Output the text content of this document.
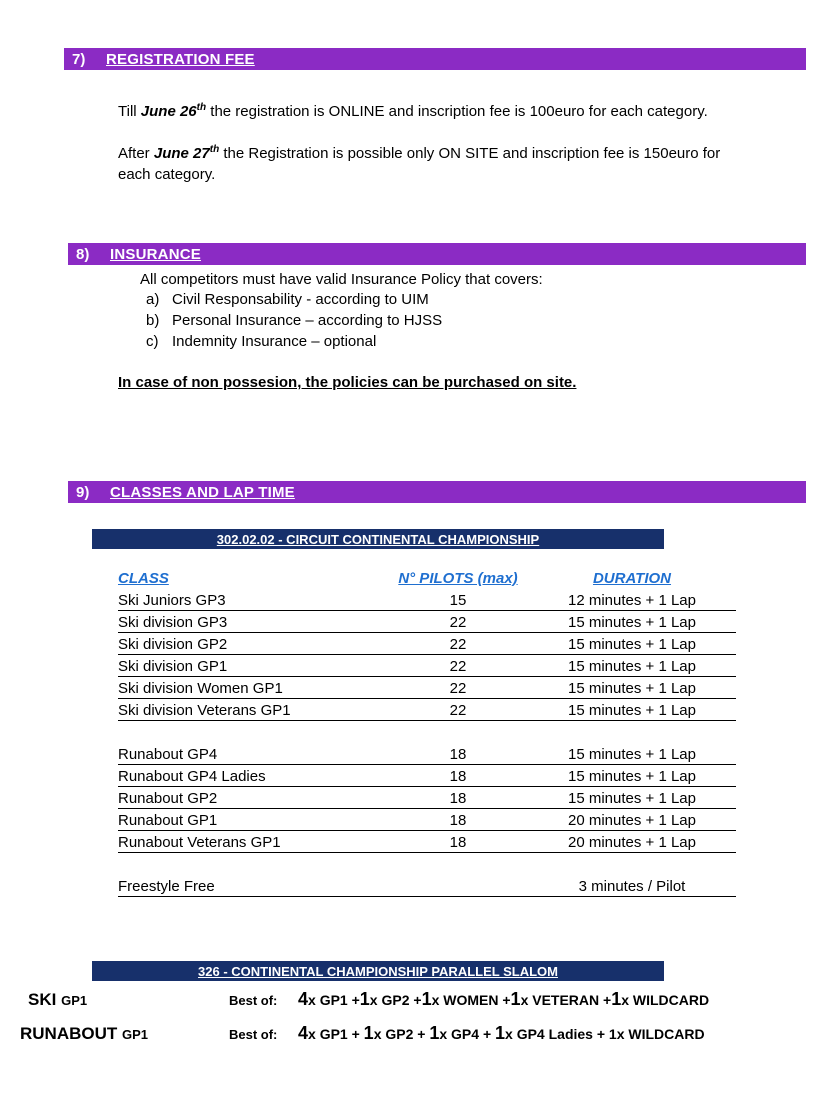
7)	REGISTRATION FEE
Till June 26th the registration is ONLINE and inscription fee is 100euro for each category.
After June 27th the Registration is possible only ON SITE and inscription fee is 150euro for each category.
8)	INSURANCE
All competitors must have valid Insurance Policy that covers:
a) Civil Responsability - according to UIM
b) Personal Insurance – according to HJSS
c) Indemnity Insurance – optional
In case of non possesion, the policies can be purchased on site.
9)	CLASSES AND LAP TIME
302.02.02 - CIRCUIT CONTINENTAL CHAMPIONSHIP
CLASS	N° PILOTS (max)	DURATION
Ski Juniors GP3	15	12 minutes + 1 Lap
Ski division GP3	22	15 minutes + 1 Lap
Ski division GP2	22	15 minutes + 1 Lap
Ski division GP1	22	15 minutes + 1 Lap
Ski division Women GP1	22	15 minutes + 1 Lap
Ski division Veterans GP1	22	15 minutes + 1 Lap

Runabout GP4	18	15 minutes + 1 Lap
Runabout GP4 Ladies	18	15 minutes + 1 Lap
Runabout GP2	18	15 minutes + 1 Lap
Runabout GP1	18	20 minutes + 1 Lap
Runabout Veterans GP1	18	20 minutes + 1 Lap

Freestyle Free		3 minutes / Pilot
326 - CONTINENTAL CHAMPIONSHIP PARALLEL SLALOM
SKI GP1	Best of: 4x GP1 +1x GP2 +1x WOMEN +1x VETERAN +1x WILDCARD
RUNABOUT GP1	Best of: 4x GP1 + 1x GP2 + 1x GP4 + 1x GP4 Ladies + 1x WILDCARD
